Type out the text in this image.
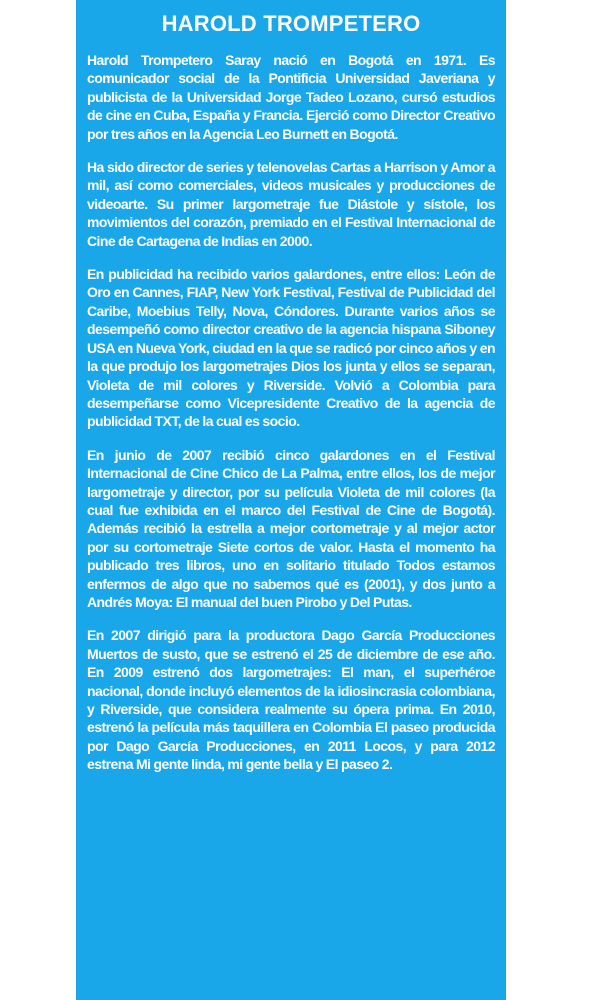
HAROLD TROMPETERO

Harold Trompetero Saray nació en Bogotá en 1971. Es comunicador social de la Pontificia Universidad Javeriana y publicista de la Universidad Jorge Tadeo Lozano, cursó estudios de cine en Cuba, España y Francia. Ejerció como Director Creativo por tres años en la Agencia Leo Burnett en Bogotá.

Ha sido director de series y telenovelas Cartas a Harrison y Amor a mil, así como comerciales, videos musicales y producciones de videoarte. Su primer largometraje fue Diástole y sístole, los movimientos del corazón, premiado en el Festival Internacional de Cine de Cartagena de Indias en 2000.

En publicidad ha recibido varios galardones, entre ellos: León de Oro en Cannes, FIAP, New York Festival, Festival de Publicidad del Caribe, Moebius Telly, Nova, Cóndores. Durante varios años se desempeñó como director creativo de la agencia hispana Siboney USA en Nueva York, ciudad en la que se radicó por cinco años y en la que produjo los largometrajes Dios los junta y ellos se separan, Violeta de mil colores y Riverside. Volvió a Colombia para desempeñarse como Vicepresidente Creativo de la agencia de publicidad TXT, de la cual es socio.

En junio de 2007 recibió cinco galardones en el Festival Internacional de Cine Chico de La Palma, entre ellos, los de mejor largometraje y director, por su película Violeta de mil colores (la cual fue exhibida en el marco del Festival de Cine de Bogotá). Además recibió la estrella a mejor cortometraje y al mejor actor por su cortometraje Siete cortos de valor. Hasta el momento ha publicado tres libros, uno en solitario titulado Todos estamos enfermos de algo que no sabemos qué es (2001), y dos junto a Andrés Moya: El manual del buen Pirobo y Del Putas.

En 2007 dirigió para la productora Dago García Producciones Muertos de susto, que se estrenó el 25 de diciembre de ese año. En 2009 estrenó dos largometrajes: El man, el superhéroe nacional, donde incluyó elementos de la idiosincrasia colombiana, y Riverside, que considera realmente su ópera prima. En 2010, estrenó la película más taquillera en Colombia El paseo producida por Dago García Producciones, en 2011 Locos, y para 2012 estrena Mi gente linda, mi gente bella y El paseo 2.
